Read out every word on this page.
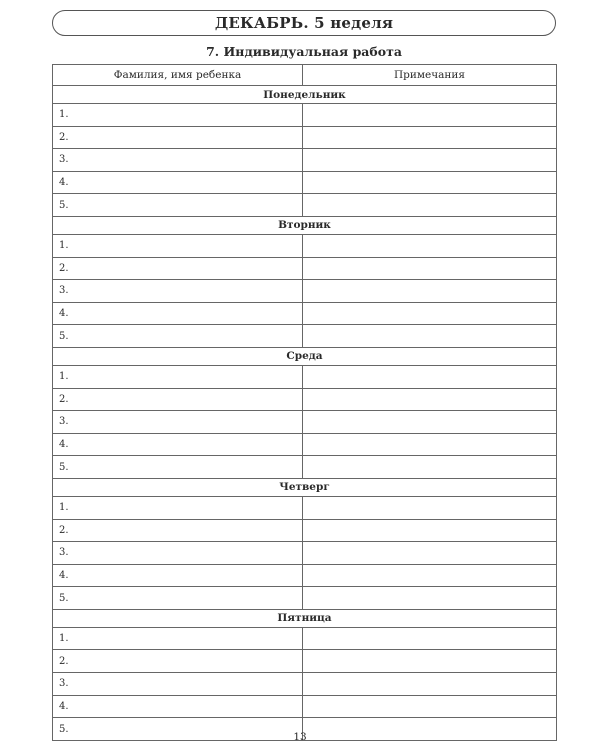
ДЕКАБРЬ. 5 неделя
7. Индивидуальная работа
Фамилия, имя ребенка	Примечания
Понедельник	
1.	
2.	
3.	
4.	
5.	
Вторник	
1.	
2.	
3.	
4.	
5.	
Среда	
1.	
2.	
3.	
4.	
5.	
Четверг	
1.	
2.	
3.	
4.	
5.	
Пятница	
1.	
2.	
3.	
4.	
5.	
13
